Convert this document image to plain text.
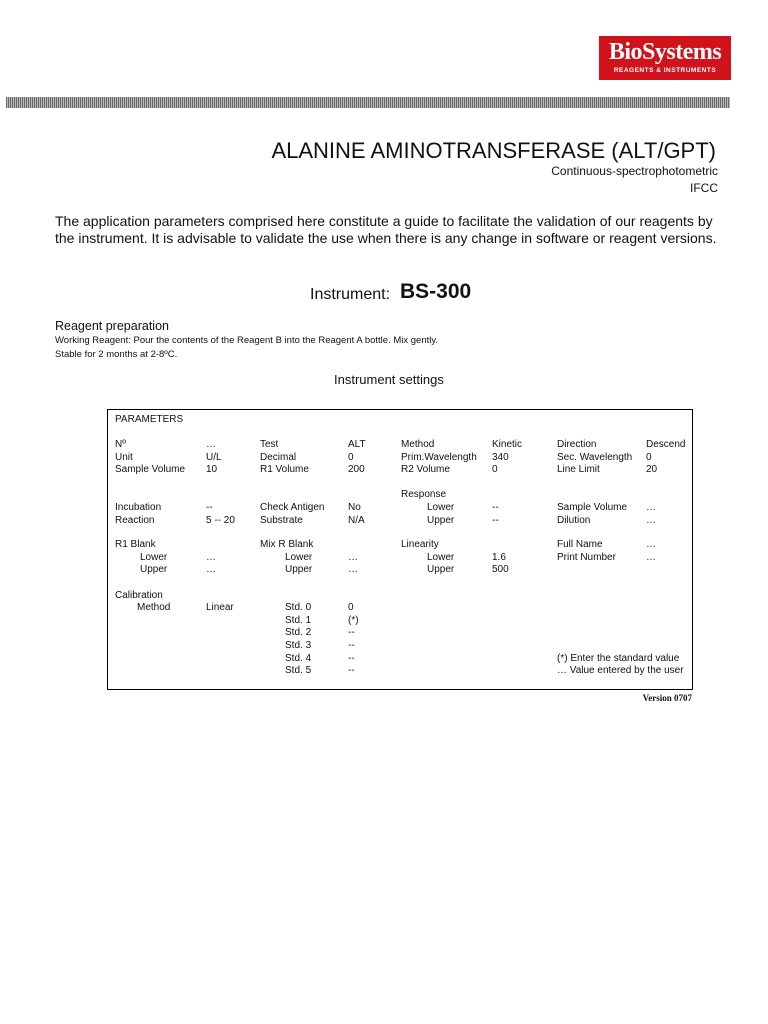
BioSystems
REAGENTS & INSTRUMENTS
ALANINE AMINOTRANSFERASE (ALT/GPT)
Continuous-spectrophotometric
IFCC
The application parameters comprised here constitute a guide to facilitate the validation of our reagents by the instrument. It is advisable to validate the use when there is any change in software or reagent versions.
Instrument: BS-300
Reagent preparation
Working Reagent: Pour the contents of the Reagent B into the Reagent A bottle. Mix gently.
Stable for 2 months at 2-8ºC.
Instrument settings
PARAMETERS
Nº	…	Test	ALT	Method	Kinetic	Direction	Descend
Unit	U/L	Decimal	0	Prim.Wavelength 340	Sec. Wavelength 0
Sample Volume 10	R1 Volume	200	R2 Volume	0	Line Limit	20
Response
Incubation	--	Check Antigen No	Lower	--	Sample Volume …
Reaction	5 -- 20	Substrate	N/A	Upper	--	Dilution	…
R1 Blank	Mix R Blank	Linearity	Full Name	…
Lower	…	Lower	…	Lower	1.6	Print Number	…
Upper	…	Upper	…	Upper	500
Calibration
Method	Linear	Std. 0	0
Std. 1	(*)
Std. 2	--
Std. 3	--
Std. 4	--
Std. 5	--
(*) Enter the standard value
… Value entered by the user
Version 0707
